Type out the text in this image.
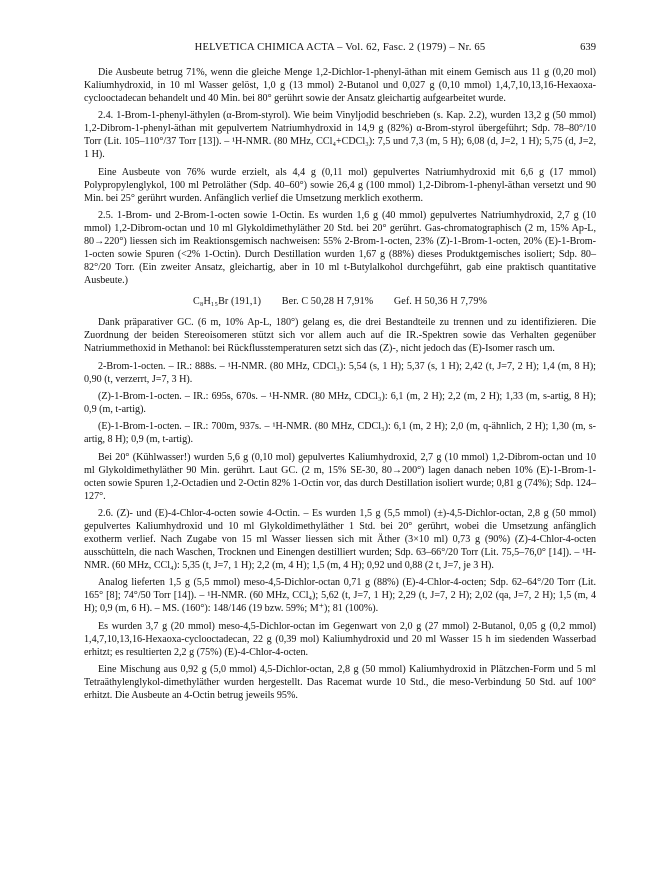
HELVETICA CHIMICA ACTA – Vol. 62, Fasc. 2 (1979) – Nr. 65	639

Die Ausbeute betrug 71%, wenn die gleiche Menge 1,2-Dichlor-1-phenyl-äthan mit einem Gemisch aus 11 g (0,20 mol) Kaliumhydroxid, in 10 ml Wasser gelöst, 1,0 g (13 mmol) 2-Butanol und 0,027 g (0,10 mmol) 1,4,7,10,13,16-Hexaoxa-cyclooctadecan behandelt und 40 Min. bei 80° gerührt sowie der Ansatz gleichartig aufgearbeitet wurde.

2.4. 1-Brom-1-phenyl-äthylen (α-Brom-styrol). Wie beim Vinyljodid beschrieben (s. Kap. 2.2), wurden 13,2 g (50 mmol) 1,2-Dibrom-1-phenyl-äthan mit gepulvertem Natriumhydroxid in 14,9 g (82%) α-Brom-styrol übergeführt; Sdp. 78–80°/10 Torr (Lit. 105–110°/37 Torr [13]). – ¹H-NMR. (80 MHz, CCl₄+CDCl₃): 7,5 und 7,3 (m, 5 H); 6,08 (d, J=2, 1 H); 5,75 (d, J=2, 1 H).

Eine Ausbeute von 76% wurde erzielt, als 4,4 g (0,11 mol) gepulvertes Natriumhydroxid mit 6,6 g (17 mmol) Polypropylenglykol, 100 ml Petroläther (Sdp. 40–60°) sowie 26,4 g (100 mmol) 1,2-Dibrom-1-phenyl-äthan versetzt und 90 Min. bei 25° gerührt wurden. Anfänglich verlief die Umsetzung merklich exotherm.

2.5. 1-Brom- und 2-Brom-1-octen sowie 1-Octin. Es wurden 1,6 g (40 mmol) gepulvertes Natriumhydroxid, 2,7 g (10 mmol) 1,2-Dibrom-octan und 10 ml Glykoldimethyläther 20 Std. bei 20° gerührt. Gas-chromatographisch (2 m, 15% Ap-L, 80→220°) liessen sich im Reaktionsgemisch nachweisen: 55% 2-Brom-1-octen, 23% (Z)-1-Brom-1-octen, 20% (E)-1-Brom-1-octen sowie Spuren (<2% 1-Octin). Durch Destillation wurden 1,67 g (88%) dieses Produktgemisches isoliert; Sdp. 80–82°/20 Torr. (Ein zweiter Ansatz, gleichartig, aber in 10 ml t-Butylalkohol durchgeführt, gab eine praktisch quantitative Ausbeute.)

C₈H₁₅Br (191,1) Ber. C 50,28 H 7,91% Gef. H 50,36 H 7,79%

Dank präparativer GC. (6 m, 10% Ap-L, 180°) gelang es, die drei Bestandteile zu trennen und zu identifizieren. Die Zuordnung der beiden Stereoisomeren stützt sich vor allem auch auf die IR.-Spektren sowie das Verhalten gegenüber Natriummethoxid in Methanol: bei Rückflusstemperaturen setzt sich das (Z)-, nicht jedoch das (E)-Isomer rasch um.

2-Brom-1-octen. – IR.: 888s. – ¹H-NMR. (80 MHz, CDCl₃): 5,54 (s, 1 H); 5,37 (s, 1 H); 2,42 (t, J=7, 2 H); 1,4 (m, 8 H); 0,90 (t, verzerrt, J=7, 3 H).

(Z)-1-Brom-1-octen. – IR.: 695s, 670s. – ¹H-NMR. (80 MHz, CDCl₃): 6,1 (m, 2 H); 2,2 (m, 2 H); 1,33 (m, s-artig, 8 H); 0,9 (m, t-artig).

(E)-1-Brom-1-octen. – IR.: 700m, 937s. – ¹H-NMR. (80 MHz, CDCl₃): 6,1 (m, 2 H); 2,0 (m, q-ähnlich, 2 H); 1,30 (m, s-artig, 8 H); 0,9 (m, t-artig).

Bei 20° (Kühlwasser!) wurden 5,6 g (0,10 mol) gepulvertes Kaliumhydroxid, 2,7 g (10 mmol) 1,2-Dibrom-octan und 10 ml Glykoldimethyläther 90 Min. gerührt. Laut GC. (2 m, 15% SE-30, 80→200°) lagen danach neben 10% (E)-1-Brom-1-octen sowie Spuren 1,2-Octadien und 2-Octin 82% 1-Octin vor, das durch Destillation isoliert wurde; 0,81 g (74%); Sdp. 124–127°.

2.6. (Z)- und (E)-4-Chlor-4-octen sowie 4-Octin. – Es wurden 1,5 g (5,5 mmol) (±)-4,5-Dichlor-octan, 2,8 g (50 mmol) gepulvertes Kaliumhydroxid und 10 ml Glykoldimethyläther 1 Std. bei 20° gerührt, wobei die Umsetzung anfänglich exotherm verlief. Nach Zugabe von 15 ml Wasser liessen sich mit Äther (3×10 ml) 0,73 g (90%) (Z)-4-Chlor-4-octen ausschütteln, die nach Waschen, Trocknen und Einengen destilliert wurden; Sdp. 63–66°/20 Torr (Lit. 75,5–76,0° [14]). – ¹H-NMR. (60 MHz, CCl₄): 5,35 (t, J=7, 1 H); 2,2 (m, 4 H); 1,5 (m, 4 H); 0,92 und 0,88 (2 t, J=7, je 3 H).

Analog lieferten 1,5 g (5,5 mmol) meso-4,5-Dichlor-octan 0,71 g (88%) (E)-4-Chlor-4-octen; Sdp. 62–64°/20 Torr (Lit. 165° [8]; 74°/50 Torr [14]). – ¹H-NMR. (60 MHz, CCl₄); 5,62 (t, J=7, 1 H); 2,29 (t, J=7, 2 H); 2,02 (qa, J=7, 2 H); 1,5 (m, 4 H); 0,9 (m, 6 H). – MS. (160°): 148/146 (19 bzw. 59%; M⁺); 81 (100%).

Es wurden 3,7 g (20 mmol) meso-4,5-Dichlor-octan im Gegenwart von 2,0 g (27 mmol) 2-Butanol, 0,05 g (0,2 mmol) 1,4,7,10,13,16-Hexaoxa-cyclooctadecan, 22 g (0,39 mol) Kaliumhydroxid und 20 ml Wasser 15 h im siedenden Wasserbad erhitzt; es resultierten 2,2 g (75%) (E)-4-Chlor-4-octen.

Eine Mischung aus 0,92 g (5,0 mmol) 4,5-Dichlor-octan, 2,8 g (50 mmol) Kaliumhydroxid in Plätzchen-Form und 5 ml Tetraäthylenglykol-dimethyläther wurden hergestellt. Das Racemat wurde 10 Std., die meso-Verbindung 50 Std. auf 100° erhitzt. Die Ausbeute an 4-Octin betrug jeweils 95%.
